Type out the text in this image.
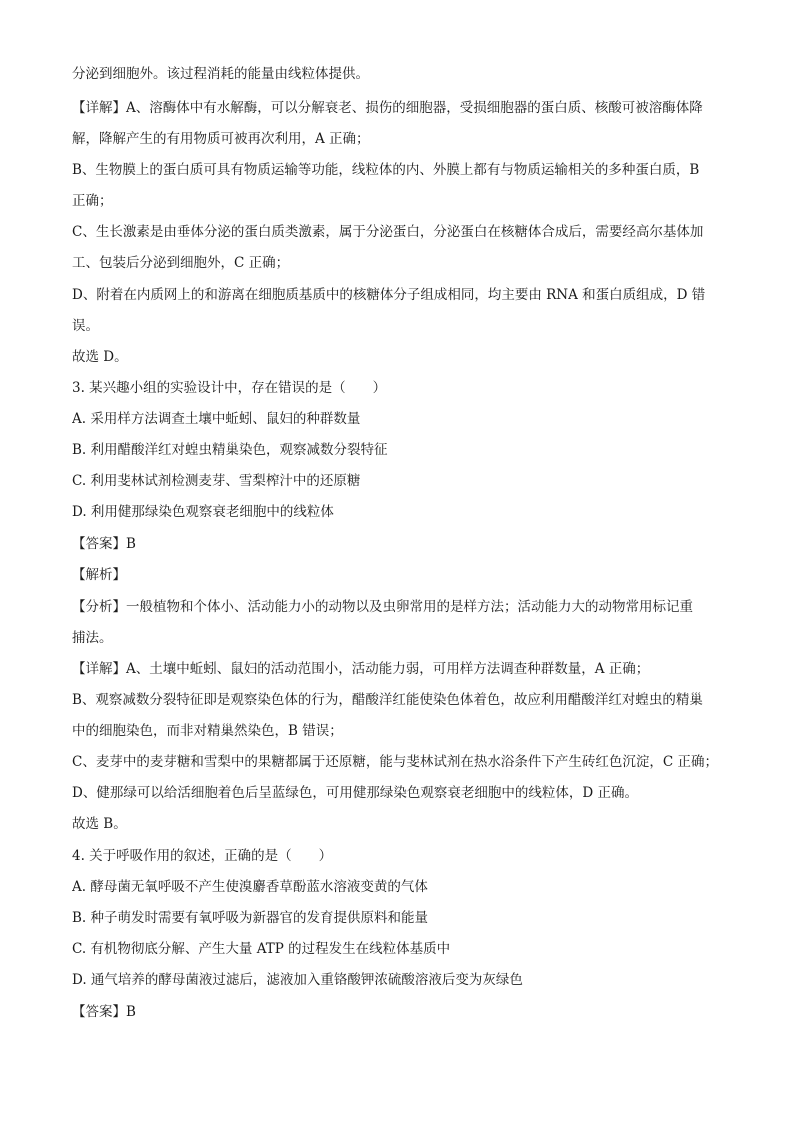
分泌到细胞外。该过程消耗的能量由线粒体提供。
【详解】A、溶酶体中有水解酶，可以分解衰老、损伤的细胞器，受损细胞器的蛋白质、核酸可被溶酶体降
解，降解产生的有用物质可被再次利用，A 正确；
B、生物膜上的蛋白质可具有物质运输等功能，线粒体的内、外膜上都有与物质运输相关的多种蛋白质，B
正确；
C、生长激素是由垂体分泌的蛋白质类激素，属于分泌蛋白，分泌蛋白在核糖体合成后，需要经高尔基体加
工、包装后分泌到细胞外，C 正确；
D、附着在内质网上的和游离在细胞质基质中的核糖体分子组成相同，均主要由 RNA 和蛋白质组成，D 错
误。
故选 D。
3. 某兴趣小组的实验设计中，存在错误的是（　　）
A. 采用样方法调查土壤中蚯蚓、鼠妇的种群数量
B. 利用醋酸洋红对蝗虫精巢染色，观察减数分裂特征
C. 利用斐林试剂检测麦芽、雪梨榨汁中的还原糖
D. 利用健那绿染色观察衰老细胞中的线粒体
【答案】B
【解析】
【分析】一般植物和个体小、活动能力小的动物以及虫卵常用的是样方法；活动能力大的动物常用标记重
捕法。
【详解】A、土壤中蚯蚓、鼠妇的活动范围小，活动能力弱，可用样方法调查种群数量，A 正确；
B、观察减数分裂特征即是观察染色体的行为，醋酸洋红能使染色体着色，故应利用醋酸洋红对蝗虫的精巢
中的细胞染色，而非对精巢然染色，B 错误；
C、麦芽中的麦芽糖和雪梨中的果糖都属于还原糖，能与斐林试剂在热水浴条件下产生砖红色沉淀，C 正确；
D、健那绿可以给活细胞着色后呈蓝绿色，可用健那绿染色观察衰老细胞中的线粒体，D 正确。
故选 B。
4. 关于呼吸作用的叙述，正确的是（　　）
A. 酵母菌无氧呼吸不产生使溴麝香草酚蓝水溶液变黄的气体
B. 种子萌发时需要有氧呼吸为新器官的发育提供原料和能量
C. 有机物彻底分解、产生大量 ATP 的过程发生在线粒体基质中
D. 通气培养的酵母菌液过滤后，滤液加入重铬酸钾浓硫酸溶液后变为灰绿色
【答案】B
